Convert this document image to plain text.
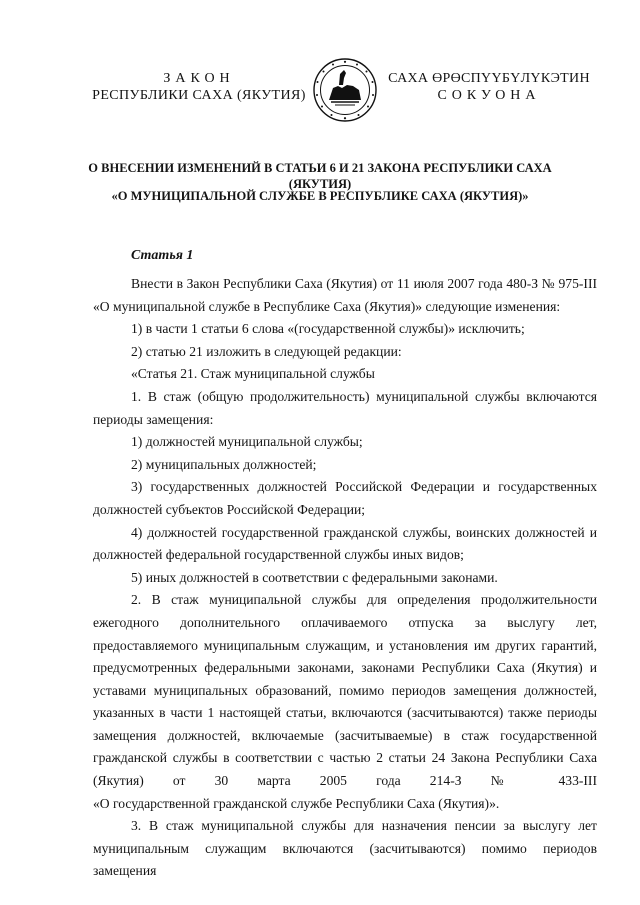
ЗАКОН
РЕСПУБЛИКИ САХА (ЯКУТИЯ)
САХА ӨРӨСПҮҮБҮЛҮКЭТИН
СОКУОНА
О ВНЕСЕНИИ ИЗМЕНЕНИЙ В СТАТЬИ 6 И 21 ЗАКОНА РЕСПУБЛИКИ САХА (ЯКУТИЯ)
«О МУНИЦИПАЛЬНОЙ СЛУЖБЕ В РЕСПУБЛИКЕ САХА (ЯКУТИЯ)»
Статья 1

Внести в Закон Республики Саха (Якутия) от 11 июля 2007 года 480-З № 975-III

«О муниципальной службе в Республике Саха (Якутия)» следующие изменения:

1) в части 1 статьи 6 слова «(государственной службы)» исключить;

2) статью 21 изложить в следующей редакции:

«Статья 21. Стаж муниципальной службы

1. В стаж (общую продолжительность) муниципальной службы включаются

периоды замещения:

1) должностей муниципальной службы;

2) муниципальных должностей;

3) государственных должностей Российской Федерации и государственных

должностей субъектов Российской Федерации;

4) должностей государственной гражданской службы, воинских должностей и

должностей федеральной государственной службы иных видов;

5) иных должностей в соответствии с федеральными законами.

2. В стаж муниципальной службы для определения продолжительности ежегодного дополнительного оплачиваемого отпуска за выслугу лет, предоставляемого муниципальным служащим, и установления им других гарантий, предусмотренных федеральными законами, законами Республики Саха (Якутия) и уставами муниципальных образований, помимо периодов замещения должностей, указанных в части 1 настоящей статьи, включаются (засчитываются) также периоды замещения должностей, включаемые (засчитываемые) в стаж государственной гражданской службы в соответствии с частью 2 статьи 24 Закона Республики Саха (Якутия) от 30 марта 2005 года 214-З № 433-III

«О государственной гражданской службе Республики Саха (Якутия)».

3. В стаж муниципальной службы для назначения пенсии за выслугу лет муниципальным служащим включаются (засчитываются) помимо периодов замещения
